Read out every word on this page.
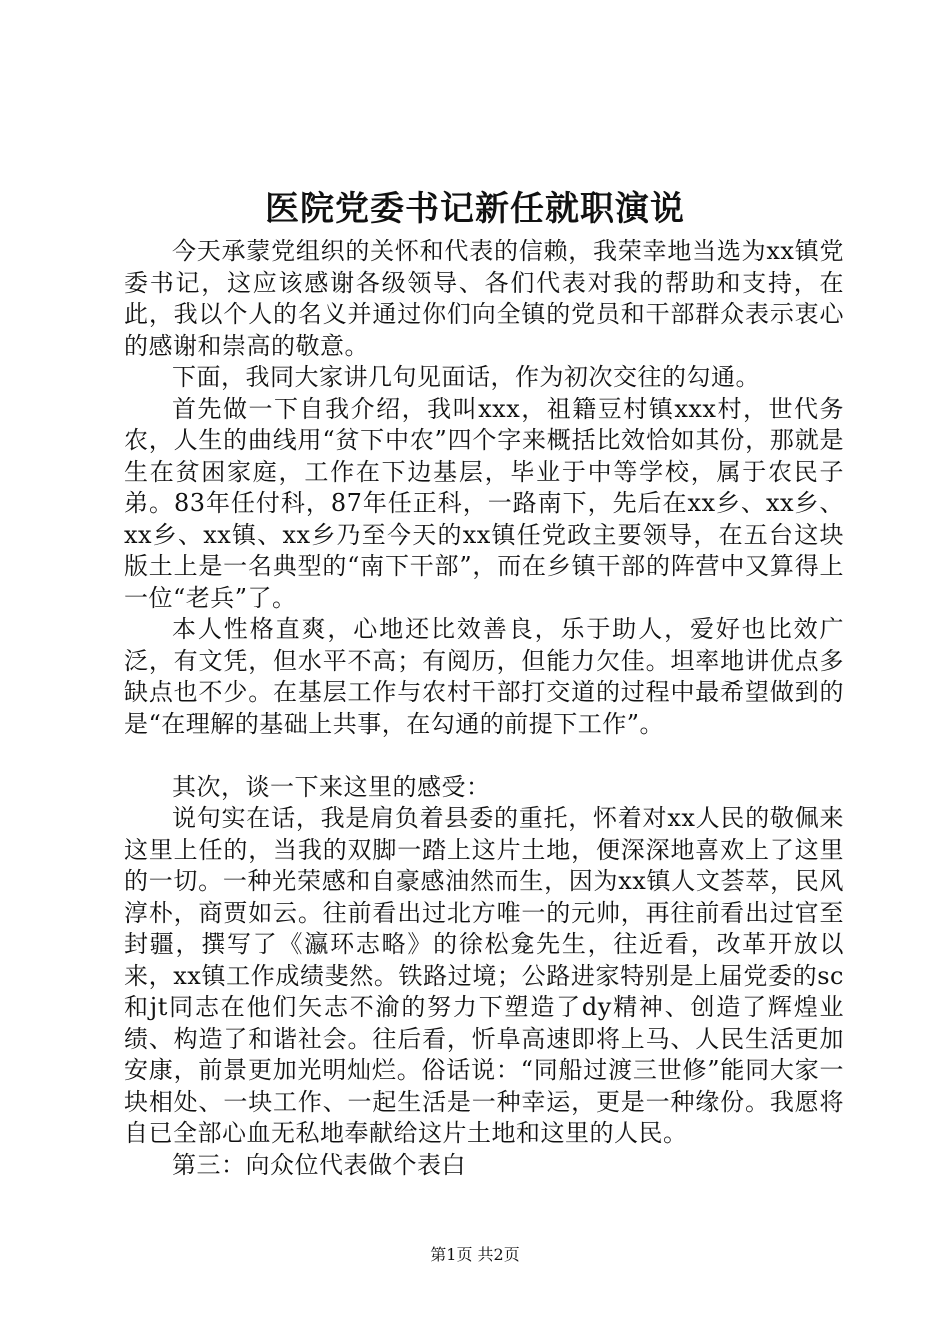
医院党委书记新任就职演说

今天承蒙党组织的关怀和代表的信赖，我荣幸地当选为xx镇党委书记，这应该感谢各级领导、各们代表对我的帮助和支持，在此，我以个人的名义并通过你们向全镇的党员和干部群众表示衷心的感谢和崇高的敬意。

下面，我同大家讲几句见面话，作为初次交往的勾通。

首先做一下自我介绍，我叫xxx，祖籍豆村镇xxx村，世代务农，人生的曲线用“贫下中农”四个字来概括比效恰如其份，那就是生在贫困家庭，工作在下边基层，毕业于中等学校，属于农民子弟。83年任付科，87年任正科，一路南下，先后在xx乡、xx乡、xx乡、xx镇、xx乡乃至今天的xx镇任党政主要领导，在五台这块版土上是一名典型的“南下干部”，而在乡镇干部的阵营中又算得上一位“老兵”了。

本人性格直爽，心地还比效善良，乐于助人，爱好也比效广泛，有文凭，但水平不高；有阅历，但能力欠佳。坦率地讲优点多缺点也不少。在基层工作与农村干部打交道的过程中最希望做到的是“在理解的基础上共事，在勾通的前提下工作”。

其次，谈一下来这里的感受：

说句实在话，我是肩负着县委的重托，怀着对xx人民的敬佩来这里上任的，当我的双脚一踏上这片土地，便深深地喜欢上了这里的一切。一种光荣感和自豪感油然而生，因为xx镇人文荟萃，民风淳朴，商贾如云。往前看出过北方唯一的元帅，再往前看出过官至封疆，撰写了《瀛环志略》的徐松龛先生，往近看，改革开放以来，xx镇工作成绩斐然。铁路过境；公路进家特别是上届党委的sc和jt同志在他们矢志不渝的努力下塑造了dy精神、创造了辉煌业绩、构造了和谐社会。往后看，忻阜高速即将上马、人民生活更加安康，前景更加光明灿烂。俗话说：“同船过渡三世修”能同大家一块相处、一块工作、一起生活是一种幸运，更是一种缘份。我愿将自已全部心血无私地奉献给这片土地和这里的人民。

第三：向众位代表做个表白

第1页 共2页
